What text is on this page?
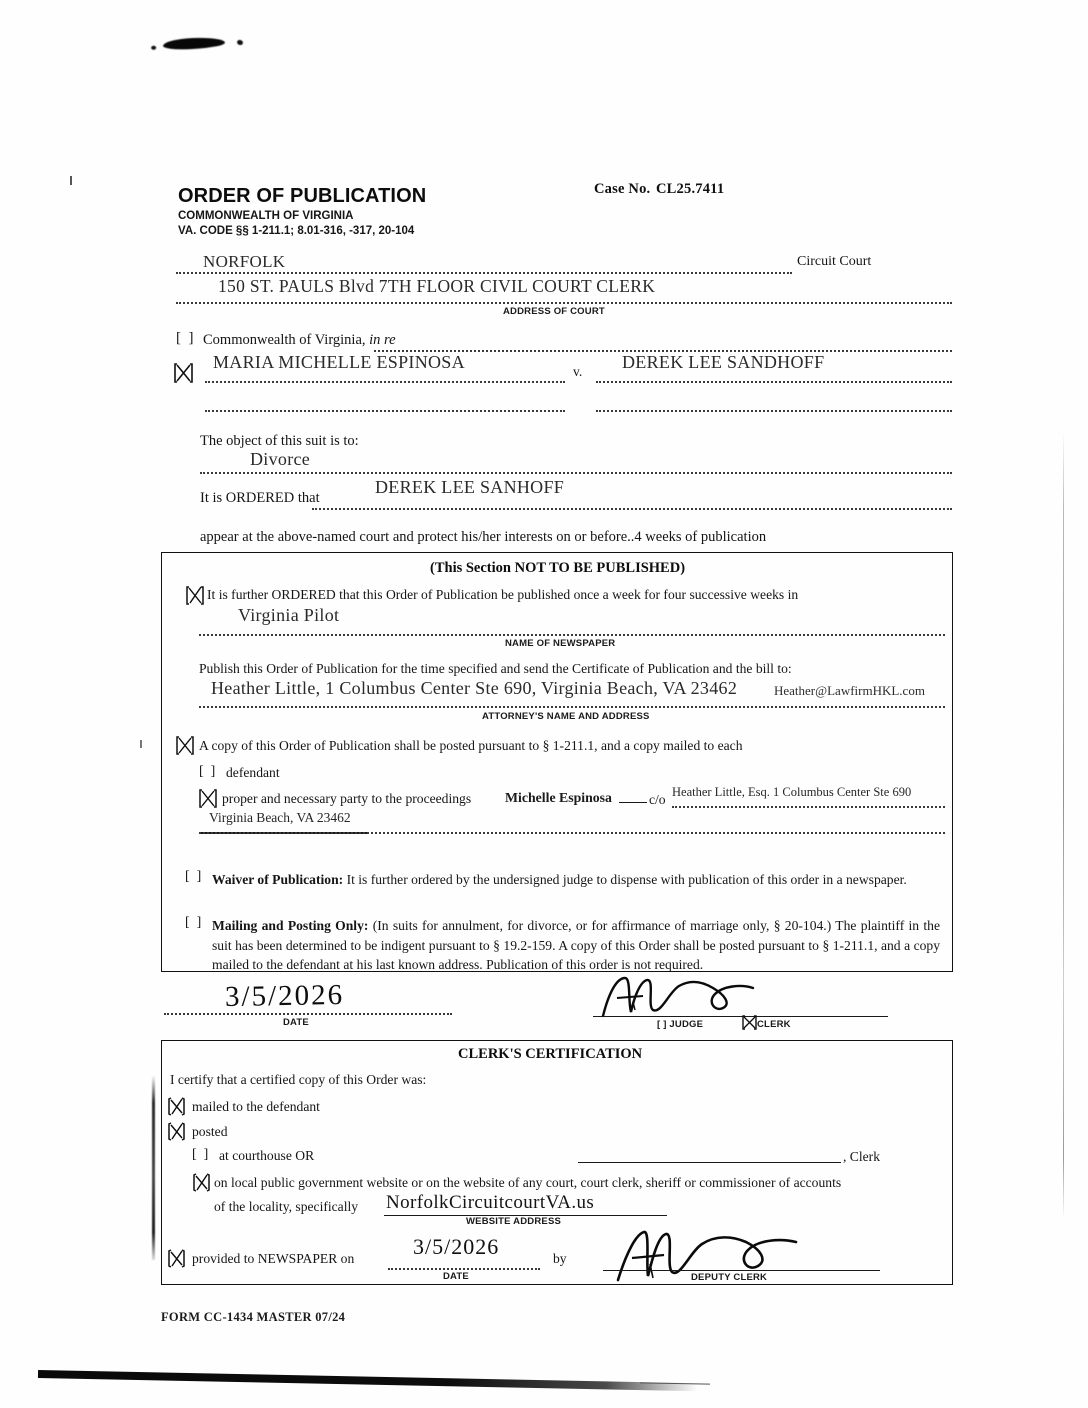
ORDER OF PUBLICATION
COMMONWEALTH OF VIRGINIA
VA. CODE §§ 1-211.1; 8.01-316, -317, 20-104
Case No. CL25.7411
NORFOLK	Circuit Court
150 ST. PAULS Blvd 7TH FLOOR CIVIL COURT CLERK
ADDRESS OF COURT
[  ] Commonwealth of Virginia, in re
MARIA MICHELLE ESPINOSA	v. DEREK LEE SANDHOFF
The object of this suit is to:
Divorce
It is ORDERED that
DEREK LEE SANHOFF
appear at the above-named court and protect his/her interests on or before..4 weeks of publication
(This Section NOT TO BE PUBLISHED)
It is further ORDERED that this Order of Publication be published once a week for four successive weeks in
Virginia Pilot
NAME OF NEWSPAPER
Publish this Order of Publication for the time specified and send the Certificate of Publication and the bill to:
Heather Little, 1 Columbus Center Ste 690, Virginia Beach, VA 23462	Heather@LawfirmHKL.com
ATTORNEY'S NAME AND ADDRESS
A copy of this Order of Publication shall be posted pursuant to § 1-211.1, and a copy mailed to each
[  ] defendant
proper and necessary party to the proceedings Michelle Espinosa	c/o Heather Little, Esq. 1 Columbus Center Ste 690
Virginia Beach, VA 23462
[  ] Waiver of Publication: It is further ordered by the undersigned judge to dispense with publication of this order in a newspaper.
[  ] Mailing and Posting Only: (In suits for annulment, for divorce, or for affirmance of marriage only, § 20-104.) The plaintiff in the suit has been determined to be indigent pursuant to § 19.2-159. A copy of this Order shall be posted pursuant to § 1-211.1, and a copy mailed to the defendant at his last known address. Publication of this order is not required.
3/5/2026
DATE	[ ] JUDGE	CLERK
CLERK'S CERTIFICATION
I certify that a certified copy of this Order was:
mailed to the defendant
posted
[  ] at courthouse OR	, Clerk
on local public government website or on the website of any court, court clerk, sheriff or commissioner of accounts
of the locality, specifically NorfolkCircuitcourtVA.us
WEBSITE ADDRESS
provided to NEWSPAPER on	3/5/2026
DATE
by
DEPUTY CLERK
FORM CC-1434 MASTER 07/24
